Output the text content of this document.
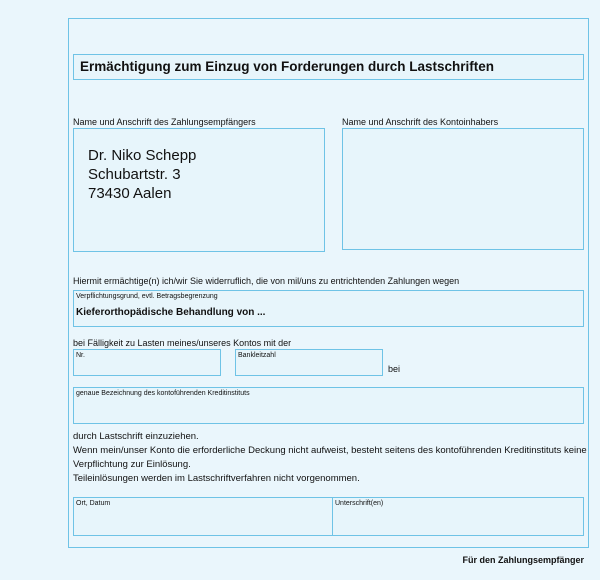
Ermächtigung zum Einzug von Forderungen durch Lastschriften
Name und Anschrift des Zahlungsempfängers
Dr. Niko Schepp
Schubartstr. 3
73430 Aalen
Name und Anschrift des Kontoinhabers
Hiermit ermächtige(n) ich/wir Sie widerruflich, die von mil/uns zu entrichtenden Zahlungen wegen
Verpflichtungsgrund, evtl. Betragsbegrenzung
Kieferorthopädische Behandlung von ...
bei Fälligkeit zu Lasten meines/unseres Kontos mit der
Nr.	Bankleitzahl
bei
genaue Bezeichnung des kontoführenden Kreditinstituts
durch Lastschrift einzuziehen.
Wenn mein/unser Konto die erforderliche Deckung nicht aufweist, besteht seitens des kontoführenden Kreditinstituts keine
Verpflichtung zur Einlösung.
Teileinlösungen werden im Lastschriftverfahren nicht vorgenommen.
Ort, Datum	Unterschrift(en)
Für den Zahlungsempfänger
